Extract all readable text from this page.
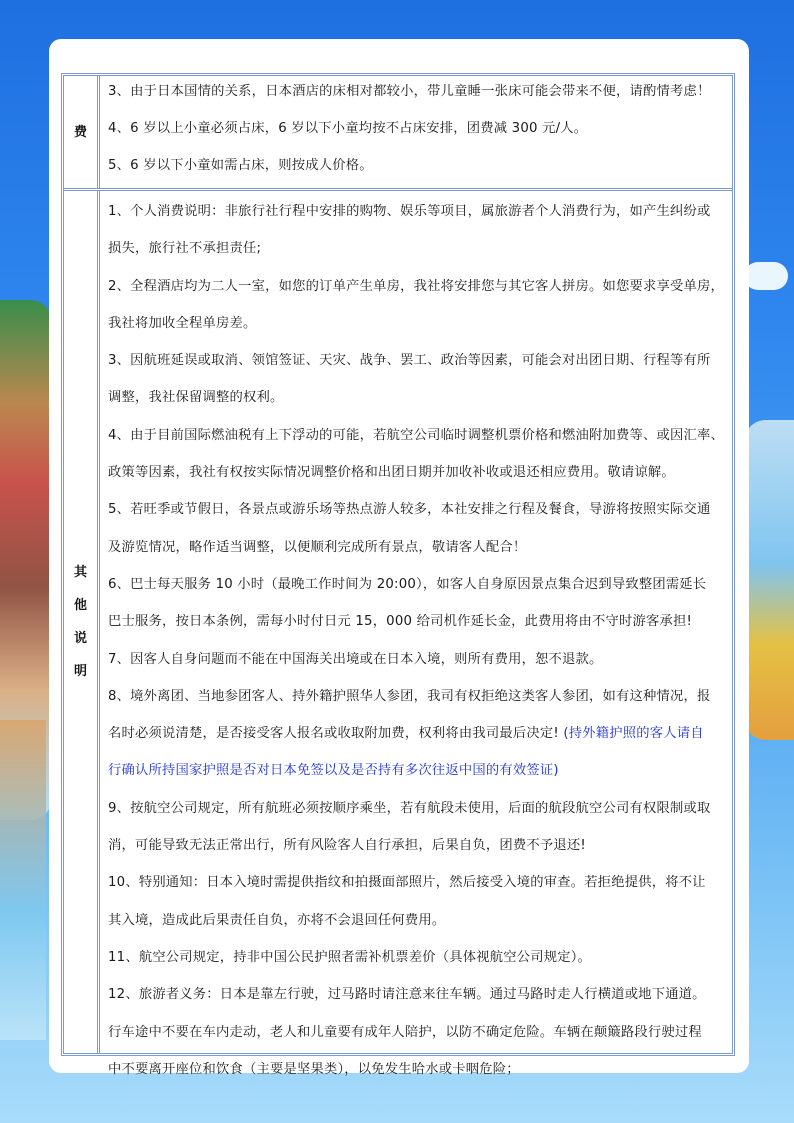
费
3、由于日本国情的关系，日本酒店的床相对都较小，带儿童睡一张床可能会带来不便，请酌情考虑！
4、6 岁以上小童必须占床，6 岁以下小童均按不占床安排，团费减 300 元/人。
5、6 岁以下小童如需占床，则按成人价格。
其
他
说
明
1、个人消费说明：非旅行社行程中安排的购物、娱乐等项目，属旅游者个人消费行为，如产生纠纷或
损失，旅行社不承担责任;
2、全程酒店均为二人一室，如您的订单产生单房，我社将安排您与其它客人拼房。如您要求享受单房，
我社将加收全程单房差。
3、因航班延误或取消、领馆签证、天灾、战争、罢工、政治等因素，可能会对出团日期、行程等有所
调整，我社保留调整的权利。
4、由于目前国际燃油税有上下浮动的可能，若航空公司临时调整机票价格和燃油附加费等、或因汇率、
政策等因素，我社有权按实际情况调整价格和出团日期并加收补收或退还相应费用。敬请谅解。
5、若旺季或节假日，各景点或游乐场等热点游人较多，本社安排之行程及餐食，导游将按照实际交通
及游览情况，略作适当调整，以便顺利完成所有景点，敬请客人配合！
6、巴士每天服务 10 小时（最晚工作时间为 20:00），如客人自身原因景点集合迟到导致整团需延长
巴士服务，按日本条例，需每小时付日元 15，000 给司机作延长金，此费用将由不守时游客承担!
7、因客人自身问题而不能在中国海关出境或在日本入境，则所有费用，恕不退款。
8、境外离团、当地参团客人、持外籍护照华人参团，我司有权拒绝这类客人参团，如有这种情况，报
名时必须说清楚，是否接受客人报名或收取附加费，权利将由我司最后决定! (持外籍护照的客人请自
行确认所持国家护照是否对日本免签以及是否持有多次往返中国的有效签证)
9、按航空公司规定，所有航班必须按顺序乘坐，若有航段未使用，后面的航段航空公司有权限制或取
消，可能导致无法正常出行，所有风险客人自行承担，后果自负，团费不予退还!
10、特别通知：日本入境时需提供指纹和拍摄面部照片，然后接受入境的审查。若拒绝提供，将不让
其入境，造成此后果责任自负，亦将不会退回任何费用。
11、航空公司规定，持非中国公民护照者需补机票差价（具体视航空公司规定）。
12、旅游者义务：日本是靠左行驶，过马路时请注意来往车辆。通过马路时走人行横道或地下通道。
行车途中不要在车内走动，老人和儿童要有成年人陪护，以防不确定危险。车辆在颠簸路段行驶过程
中不要离开座位和饮食（主要是坚果类），以免发生哈水或卡咽危险；
